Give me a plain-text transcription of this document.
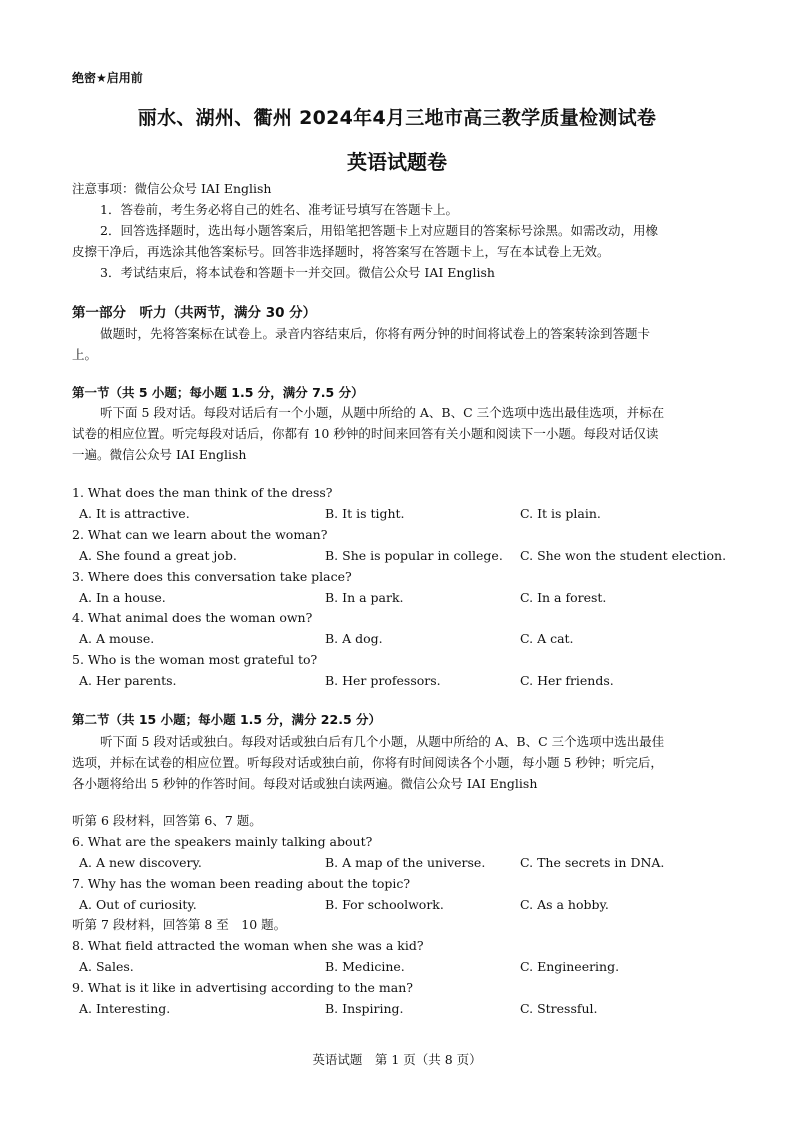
绝密★启用前
丽水、湖州、衢州 2024年4月三地市高三教学质量检测试卷
英语试题卷
注意事项：微信公众号 IAI English
1．答卷前，考生务必将自己的姓名、准考证号填写在答题卡上。
2．回答选择题时，选出每小题答案后，用铅笔把答题卡上对应题目的答案标号涂黑。如需改动，用橡
皮擦干净后，再选涂其他答案标号。回答非选择题时，将答案写在答题卡上，写在本试卷上无效。
3．考试结束后，将本试卷和答题卡一并交回。微信公众号 IAI English
第一部分　听力（共两节，满分 30 分）
做题时，先将答案标在试卷上。录音内容结束后，你将有两分钟的时间将试卷上的答案转涂到答题卡
上。
第一节（共 5 小题；每小题 1.5 分，满分 7.5 分）
听下面 5 段对话。每段对话后有一个小题，从题中所给的 A、B、C 三个选项中选出最佳选项，并标在
试卷的相应位置。听完每段对话后，你都有 10 秒钟的时间来回答有关小题和阅读下一小题。每段对话仅读
一遍。微信公众号 IAI English
1. What does the man think of the dress?
A. It is attractive.	B. It is tight.	C. It is plain.
2. What can we learn about the woman?
A. She found a great job.	B. She is popular in college. C. She won the student election.
3. Where does this conversation take place?
A. In a house.	B. In a park.	C. In a forest.
4. What animal does the woman own?
A. A mouse.	B. A dog.	C. A cat.
5. Who is the woman most grateful to?
A. Her parents.	B. Her professors.	C. Her friends.
第二节（共 15 小题；每小题 1.5 分，满分 22.5 分）
听下面 5 段对话或独白。每段对话或独白后有几个小题，从题中所给的 A、B、C 三个选项中选出最佳
选项，并标在试卷的相应位置。听每段对话或独白前，你将有时间阅读各个小题，每小题 5 秒钟；听完后，
各小题将给出 5 秒钟的作答时间。每段对话或独白读两遍。微信公众号 IAI English
听第 6 段材料，回答第 6、7 题。
6. What are the speakers mainly talking about?
A. A new discovery.	B. A map of the universe.	C. The secrets in DNA.
7. Why has the woman been reading about the topic?
A. Out of curiosity.	B. For schoolwork.	C. As a hobby.
听第 7 段材料，回答第 8 至　10 题。
8. What field attracted the woman when she was a kid?
A. Sales.	B. Medicine.	C. Engineering.
9. What is it like in advertising according to the man?
A. Interesting.	B. Inspiring.	C. Stressful.
英语试题　第 1 页（共 8 页）
